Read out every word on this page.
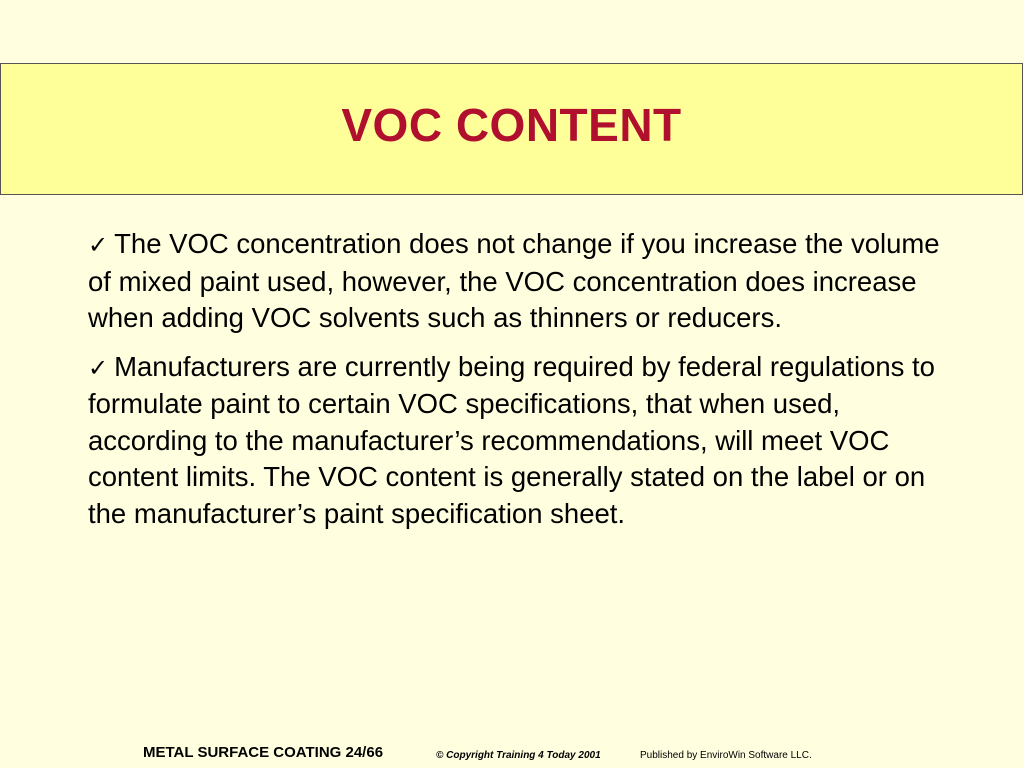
VOC CONTENT

✓ The VOC concentration does not change if you increase the volume of mixed paint used, however, the VOC concentration does increase when adding VOC solvents such as thinners or reducers.

✓ Manufacturers are currently being required by federal regulations to formulate paint to certain VOC specifications, that when used, according to the manufacturer’s recommendations, will meet VOC content limits. The VOC content is generally stated on the label or on the manufacturer’s paint specification sheet.

METAL SURFACE COATING 24/66	© Copyright Training 4 Today 2001	Published by EnviroWin Software LLC.
